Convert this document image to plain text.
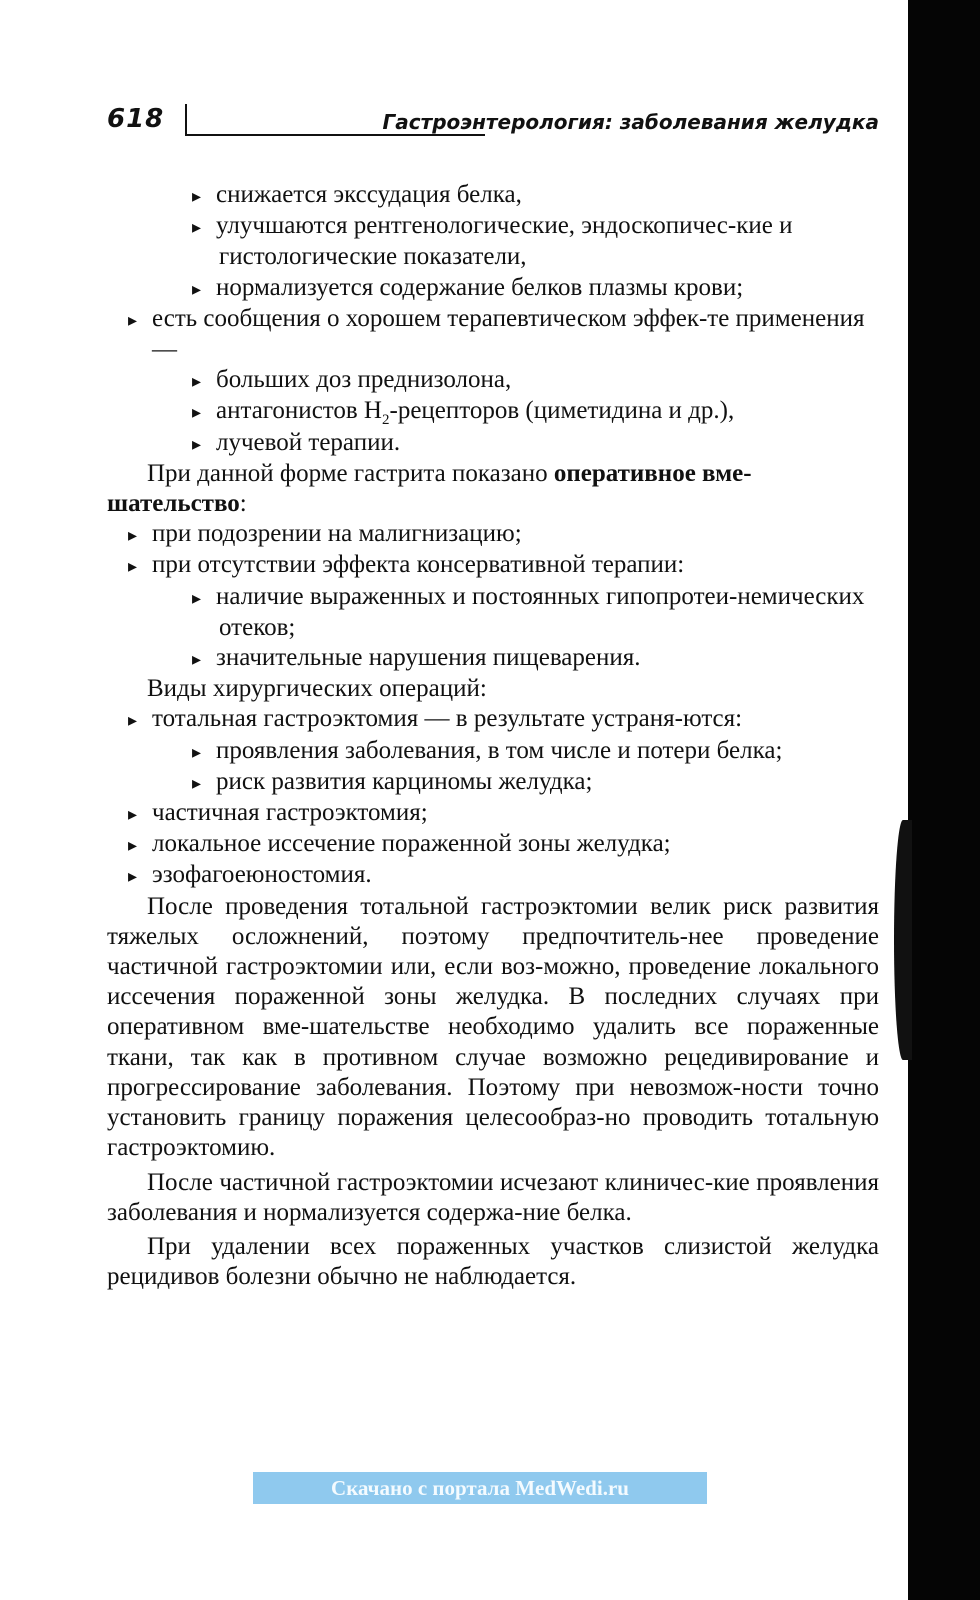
618	Гастроэнтерология: заболевания желудка

▸ снижается экссудация белка,

▸ улучшаются рентгенологические, эндоскопичес-кие и гистологические показатели,

▸ нормализуется содержание белков плазмы крови;

▸ есть сообщения о хорошем терапевтическом эффек-те применения —

▸ больших доз преднизолона,

▸ антагонистов $H_2$-рецепторов (циметидина и др.),

▸ лучевой терапии.

При данной форме гастрита показано оперативное вме-шательство:

▸ при подозрении на малигнизацию;

▸ при отсутствии эффекта консервативной терапии:

▸ наличие выраженных и постоянных гипопротеи-немических отеков;

▸ значительные нарушения пищеварения.

Виды хирургических операций:

▸ тотальная гастроэктомия — в результате устраня-ются:

▸ проявления заболевания, в том числе и потери белка;

▸ риск развития карциномы желудка;

▸ частичная гастроэктомия;

▸ локальное иссечение пораженной зоны желудка;

▸ эзофагоеюностомия.

После проведения тотальной гастроэктомии велик риск развития тяжелых осложнений, поэтому предпочтитель-нее проведение частичной гастроэктомии или, если воз-можно, проведение локального иссечения пораженной зоны желудка. В последних случаях при оперативном вме-шательстве необходимо удалить все пораженные ткани, так как в противном случае возможно рецедивирование и прогрессирование заболевания. Поэтому при невозмож-ности точно установить границу поражения целесообраз-но проводить тотальную гастроэктомию.

После частичной гастроэктомии исчезают клиничес-кие проявления заболевания и нормализуется содержа-ние белка.

При удалении всех пораженных участков слизистой желудка рецидивов болезни обычно не наблюдается.

Скачано с портала MedWedi.ru
